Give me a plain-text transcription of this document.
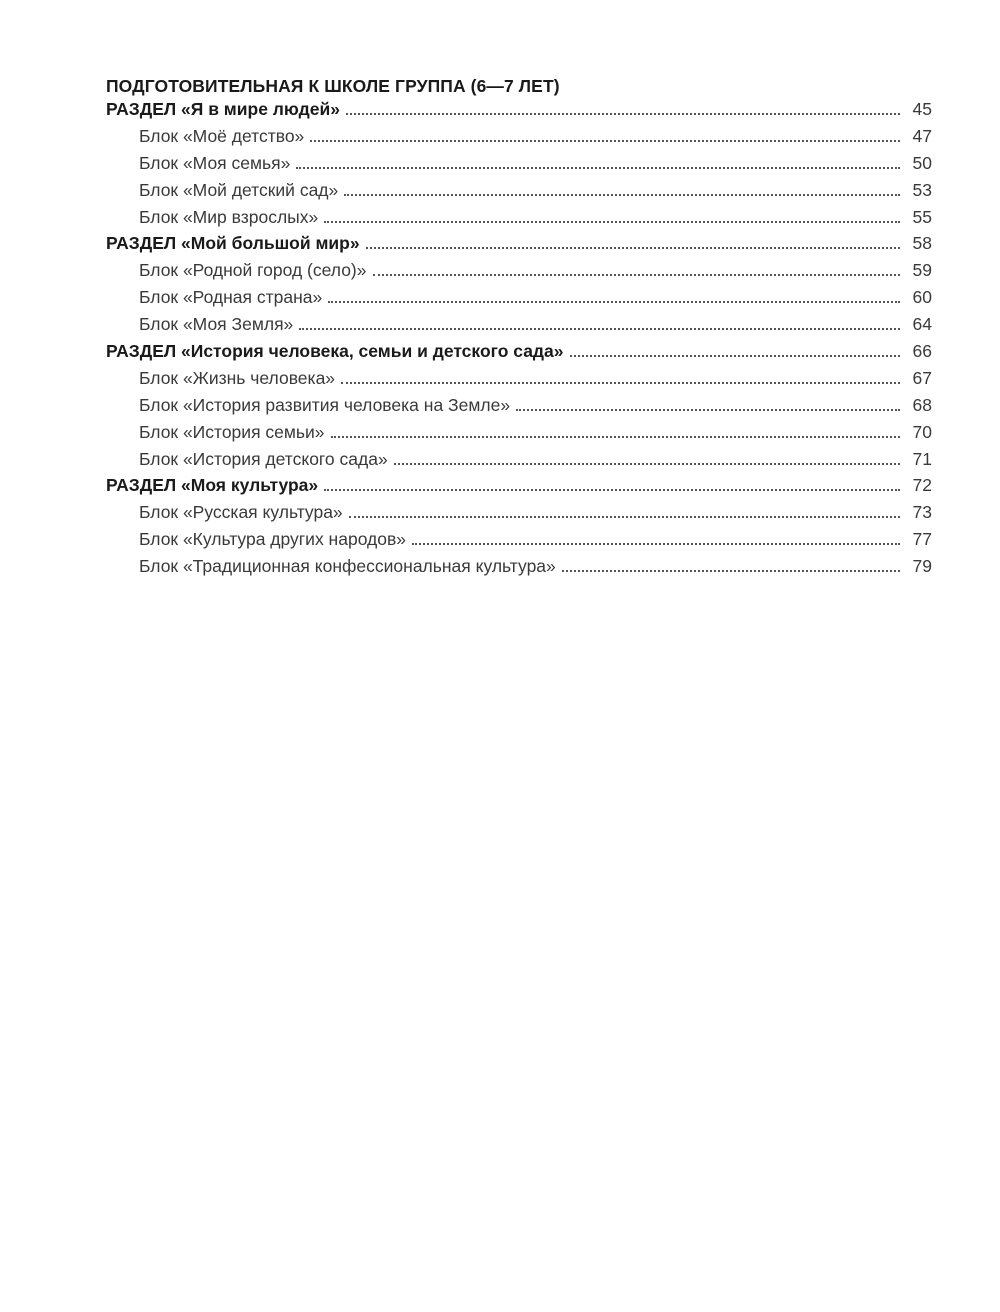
ПОДГОТОВИТЕЛЬНАЯ К ШКОЛЕ ГРУППА (6—7 ЛЕТ)
РАЗДЕЛ «Я в мире людей»	45
Блок «Моё детство»	47
Блок «Моя семья»	50
Блок «Мой детский сад»	53
Блок «Мир взрослых»	55
РАЗДЕЛ «Мой большой мир»	58
Блок «Родной город (село)»	59
Блок «Родная страна»	60
Блок «Моя Земля»	64
РАЗДЕЛ «История человека, семьи и детского сада»	66
Блок «Жизнь человека»	67
Блок «История развития человека на Земле»	68
Блок «История семьи»	70
Блок «История детского сада»	71
РАЗДЕЛ «Моя культура»	72
Блок «Русская культура»	73
Блок «Культура других народов»	77
Блок «Традиционная конфессиональная культура»	79
